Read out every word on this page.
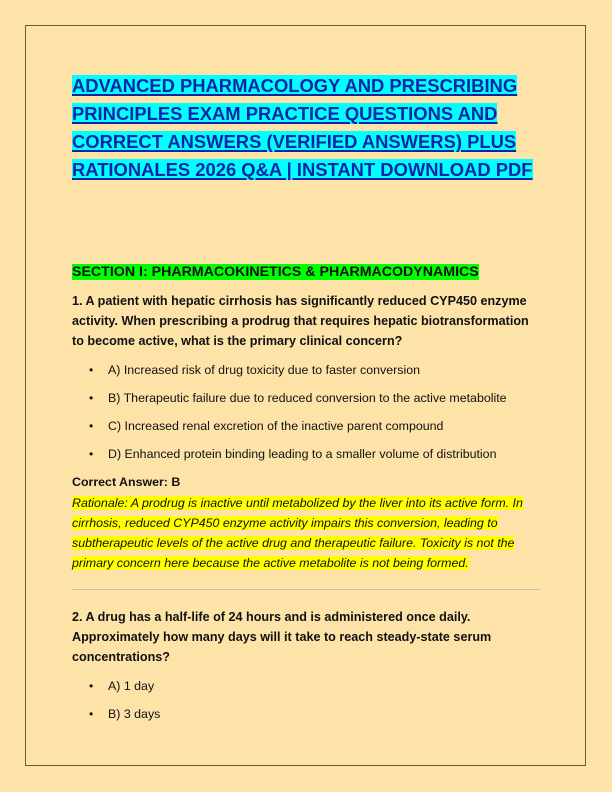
ADVANCED PHARMACOLOGY AND PRESCRIBING PRINCIPLES EXAM PRACTICE QUESTIONS AND CORRECT ANSWERS (VERIFIED ANSWERS) PLUS RATIONALES 2026 Q&A | INSTANT DOWNLOAD PDF
SECTION I: PHARMACOKINETICS & PHARMACODYNAMICS

1. A patient with hepatic cirrhosis has significantly reduced CYP450 enzyme activity. When prescribing a prodrug that requires hepatic biotransformation to become active, what is the primary clinical concern?

• A) Increased risk of drug toxicity due to faster conversion
• B) Therapeutic failure due to reduced conversion to the active metabolite
• C) Increased renal excretion of the inactive parent compound
• D) Enhanced protein binding leading to a smaller volume of distribution

Correct Answer: B

Rationale: A prodrug is inactive until metabolized by the liver into its active form. In cirrhosis, reduced CYP450 enzyme activity impairs this conversion, leading to subtherapeutic levels of the active drug and therapeutic failure. Toxicity is not the primary concern here because the active metabolite is not being formed.

2. A drug has a half-life of 24 hours and is administered once daily. Approximately how many days will it take to reach steady-state serum concentrations?

• A) 1 day
• B) 3 days
